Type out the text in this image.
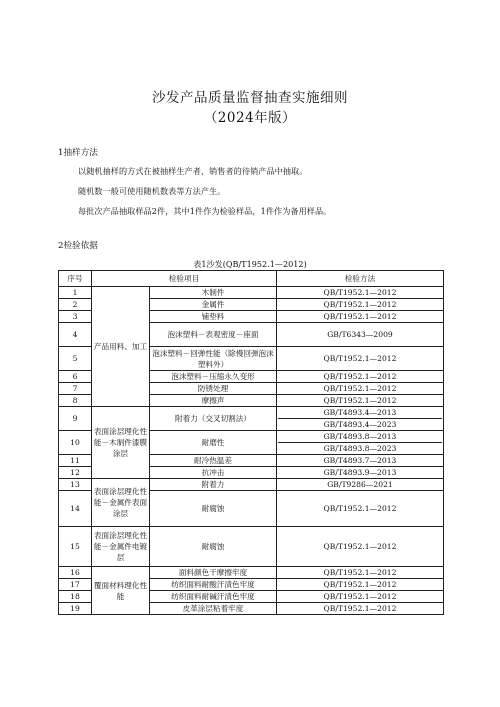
沙发产品质量监督抽查实施细则
（2024年版）
1抽样方法
以随机抽样的方式在被抽样生产者、销售者的待销产品中抽取。
随机数一般可使用随机数表等方法产生。
每批次产品抽取样品2件，其中1件作为检验样品，1件作为备用样品。
2检验依据
表1沙发(QB/T1952.1—2012)
序号	检验项目		检验方法
1	产品用料、加工	木制件	QB/T1952.1—2012
2		金属件	QB/T1952.1—2012
3		铺垫料	QB/T1952.1—2012
4		泡沫塑料－表观密度－座面	GB/T6343—2009
5		泡沫塑料－回弹性能（除慢回弹泡沫塑料外）	QB/T1952.1—2012
6		泡沫塑料－压缩永久变形	QB/T1952.1—2012
7		防锈处理	QB/T1952.1—2012
8		摩擦声	QB/T1952.1—2012
9	表面涂层理化性能－木制件漆膜涂层	附着力（交叉切割法）	GB/T4893.4—2013
GB/T4893.4—2023

10		耐磨性	GB/T4893.8—2013
GB/T4893.8—2023

11		耐冷热温差	GB/T4893.7—2013
12		抗冲击	GB/T4893.9—2013
13	表面涂层理化性能－金属件表面涂层	附着力	GB/T9286—2021
14		耐腐蚀	QB/T1952.1—2012
15	表面涂层理化性能－金属件电镀层	耐腐蚀	QB/T1952.1—2012
16	覆面材料理化性能	面料颜色干摩擦牢度	QB/T1952.1—2012
17		纺织面料耐酸汗渍色牢度	QB/T1952.1—2012
18		纺织面料耐碱汗渍色牢度	QB/T1952.1—2012
19		皮革涂层粘着牢度	QB/T1952.1—2012
